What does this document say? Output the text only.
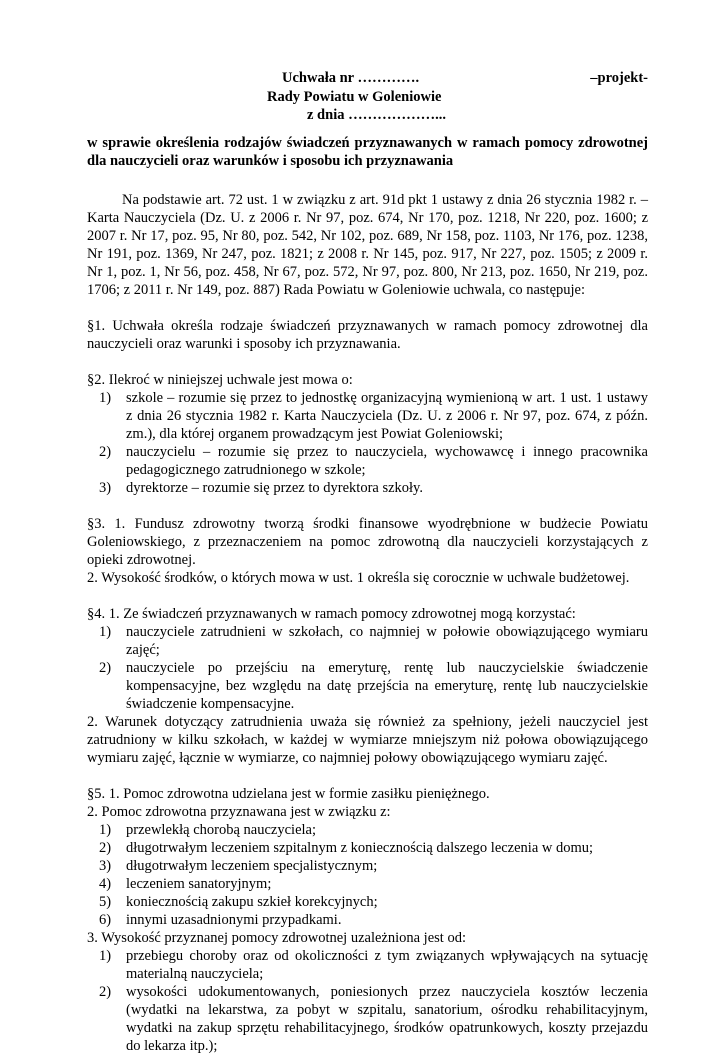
Uchwała nr ………….	–projekt-
Rady Powiatu w Goleniowie
z dnia ………………...

w sprawie określenia rodzajów świadczeń przyznawanych w ramach pomocy zdrowotnej dla nauczycieli oraz warunków i sposobu ich przyznawania

Na podstawie art. 72 ust. 1 w związku z art. 91d pkt 1 ustawy z dnia 26 stycznia 1982 r. – Karta Nauczyciela (Dz. U. z 2006 r. Nr 97, poz. 674, Nr 170, poz. 1218, Nr 220, poz. 1600; z 2007 r. Nr 17, poz. 95, Nr 80, poz. 542, Nr 102, poz. 689, Nr 158, poz. 1103, Nr 176, poz. 1238, Nr 191, poz. 1369, Nr 247, poz. 1821; z 2008 r. Nr 145, poz. 917, Nr 227, poz. 1505; z 2009 r. Nr 1, poz. 1, Nr 56, poz. 458, Nr 67, poz. 572, Nr 97, poz. 800, Nr 213, poz. 1650, Nr 219, poz. 1706; z 2011 r. Nr 149, poz. 887) Rada Powiatu w Goleniowie uchwala, co następuje:

§1. Uchwała określa rodzaje świadczeń przyznawanych w ramach pomocy zdrowotnej dla nauczycieli oraz warunki i sposoby ich przyznawania.

§2. Ilekroć w niniejszej uchwale jest mowa o:

1) szkole – rozumie się przez to jednostkę organizacyjną wymienioną w art. 1 ust. 1 ustawy z dnia 26 stycznia 1982 r. Karta Nauczyciela (Dz. U. z 2006 r. Nr 97, poz. 674, z późn. zm.), dla której organem prowadzącym jest Powiat Goleniowski;
2) nauczycielu – rozumie się przez to nauczyciela, wychowawcę i innego pracownika pedagogicznego zatrudnionego w szkole;
3) dyrektorze – rozumie się przez to dyrektora szkoły.

§3. 1. Fundusz zdrowotny tworzą środki finansowe wyodrębnione w budżecie Powiatu Goleniowskiego, z przeznaczeniem na pomoc zdrowotną dla nauczycieli korzystających z opieki zdrowotnej.

2. Wysokość środków, o których mowa w ust. 1 określa się corocznie w uchwale budżetowej.

§4. 1. Ze świadczeń przyznawanych w ramach pomocy zdrowotnej mogą korzystać:

1) nauczyciele zatrudnieni w szkołach, co najmniej w połowie obowiązującego wymiaru zajęć;
2) nauczyciele po przejściu na emeryturę, rentę lub nauczycielskie świadczenie kompensacyjne, bez względu na datę przejścia na emeryturę, rentę lub nauczycielskie świadczenie kompensacyjne.

2. Warunek dotyczący zatrudnienia uważa się również za spełniony, jeżeli nauczyciel jest zatrudniony w kilku szkołach, w każdej w wymiarze mniejszym niż połowa obowiązującego wymiaru zajęć, łącznie w wymiarze, co najmniej połowy obowiązującego wymiaru zajęć.

§5. 1. Pomoc zdrowotna udzielana jest w formie zasiłku pieniężnego.

2. Pomoc zdrowotna przyznawana jest w związku z:

1) przewlekłą chorobą nauczyciela;
2) długotrwałym leczeniem szpitalnym z koniecznością dalszego leczenia w domu;
3) długotrwałym leczeniem specjalistycznym;
4) leczeniem sanatoryjnym;
5) koniecznością zakupu szkieł korekcyjnych;
6) innymi uzasadnionymi przypadkami.

3. Wysokość przyznanej pomocy zdrowotnej uzależniona jest od:

1) przebiegu choroby oraz od okoliczności z tym związanych wpływających na sytuację materialną nauczyciela;
2) wysokości udokumentowanych, poniesionych przez nauczyciela kosztów leczenia (wydatki na lekarstwa, za pobyt w szpitalu, sanatorium, ośrodku rehabilitacyjnym, wydatki na zakup sprzętu rehabilitacyjnego, środków opatrunkowych, koszty przejazdu do lekarza itp.);
